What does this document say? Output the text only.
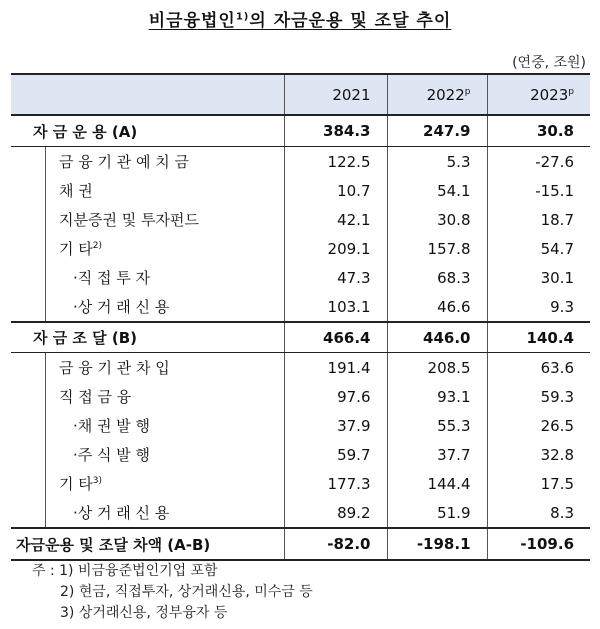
비금융법인$^{1)}$의 자금운용 및 조달 추이
(연중, 조원)
	2021	2022$^p$	2023$^p$

자 금 운 용 (A)	384.3	247.9	30.8

금 융 기 관 예 치 금	122.5	5.3	-27.6

채 권	10.7	54.1	-15.1

지분증권 및 투자펀드	42.1	30.8	18.7

기 타$^{2)}$	209.1	157.8	54.7

·직 접 투 자	47.3	68.3	30.1

·상 거 래 신 용	103.1	46.6	9.3

자 금 조 달 (B)	466.4	446.0	140.4

금 융 기 관 차 입	191.4	208.5	63.6

직 접 금 융	97.6	93.1	59.3

·채 권 발 행	37.9	55.3	26.5

·주 식 발 행	59.7	37.7	32.8

기 타$^{3)}$	177.3	144.4	17.5

·상 거 래 신 용	89.2	51.9	8.3
자금운용 및 조달 차액 (A-B)	-82.0	-198.1	-109.6
주 : 1) 비금융준법인기업 포함
2) 현금, 직접투자, 상거래신용, 미수금 등
3) 상거래신용, 정부융자 등
